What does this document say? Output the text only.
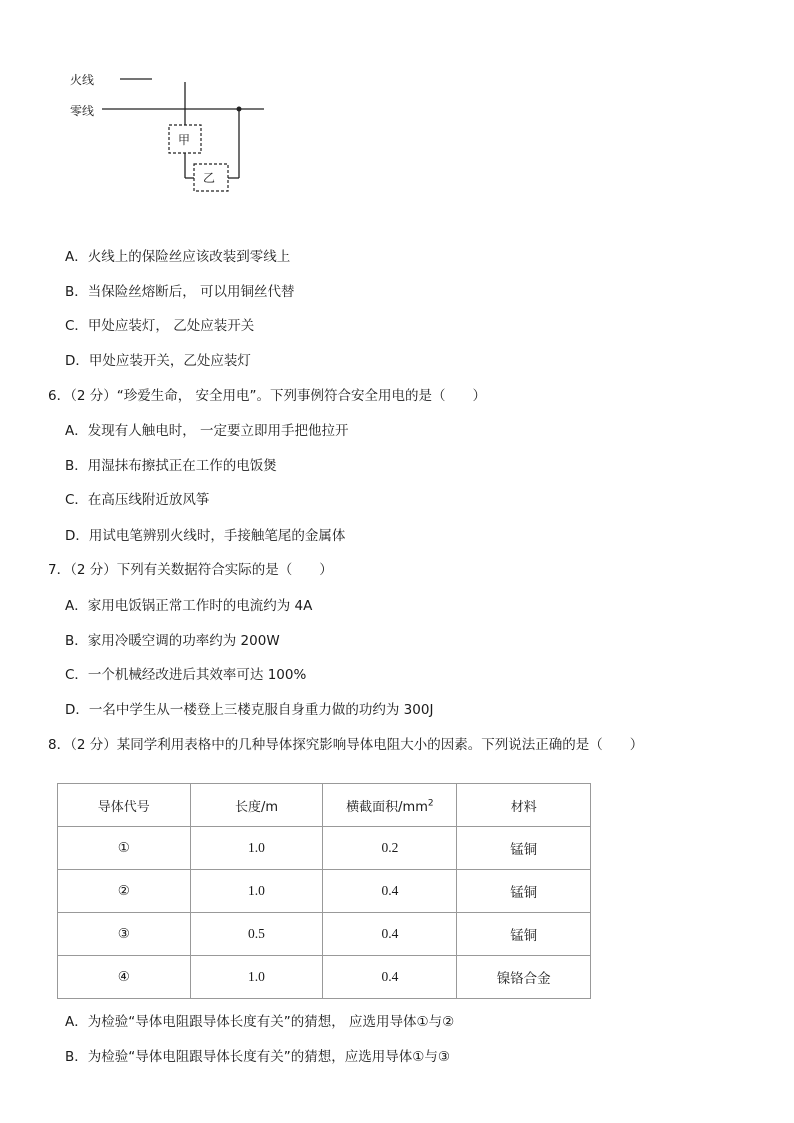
火线
零线
甲
乙
A．火线上的保险丝应该改装到零线上
B．当保险丝熔断后， 可以用铜丝代替
C．甲处应装灯， 乙处应装开关
D．甲处应装开关，乙处应装灯
6．（2 分）“珍爱生命， 安全用电”。下列事例符合安全用电的是（　　）
A．发现有人触电时， 一定要立即用手把他拉开
B．用湿抹布擦拭正在工作的电饭煲
C．在高压线附近放风筝
D．用试电笔辨别火线时，手接触笔尾的金属体
7．（2 分）下列有关数据符合实际的是（　　）
A．家用电饭锅正常工作时的电流约为 4A
B．家用冷暖空调的功率约为 200W
C．一个机械经改进后其效率可达 100%
D．一名中学生从一楼登上三楼克服自身重力做的功约为 300J
8．（2 分）某同学利用表格中的几种导体探究影响导体电阻大小的因素。下列说法正确的是（　　）
导体代号	长度/m	横截面积$/mm^2$	材料
①	1.0	0.2	锰铜
②	1.0	0.4	锰铜
③	0.5	0.4	锰铜
④	1.0	0.4	镍铬合金
A．为检验“导体电阻跟导体长度有关”的猜想， 应选用导体①与②
B．为检验“导体电阻跟导体长度有关”的猜想，应选用导体①与③
